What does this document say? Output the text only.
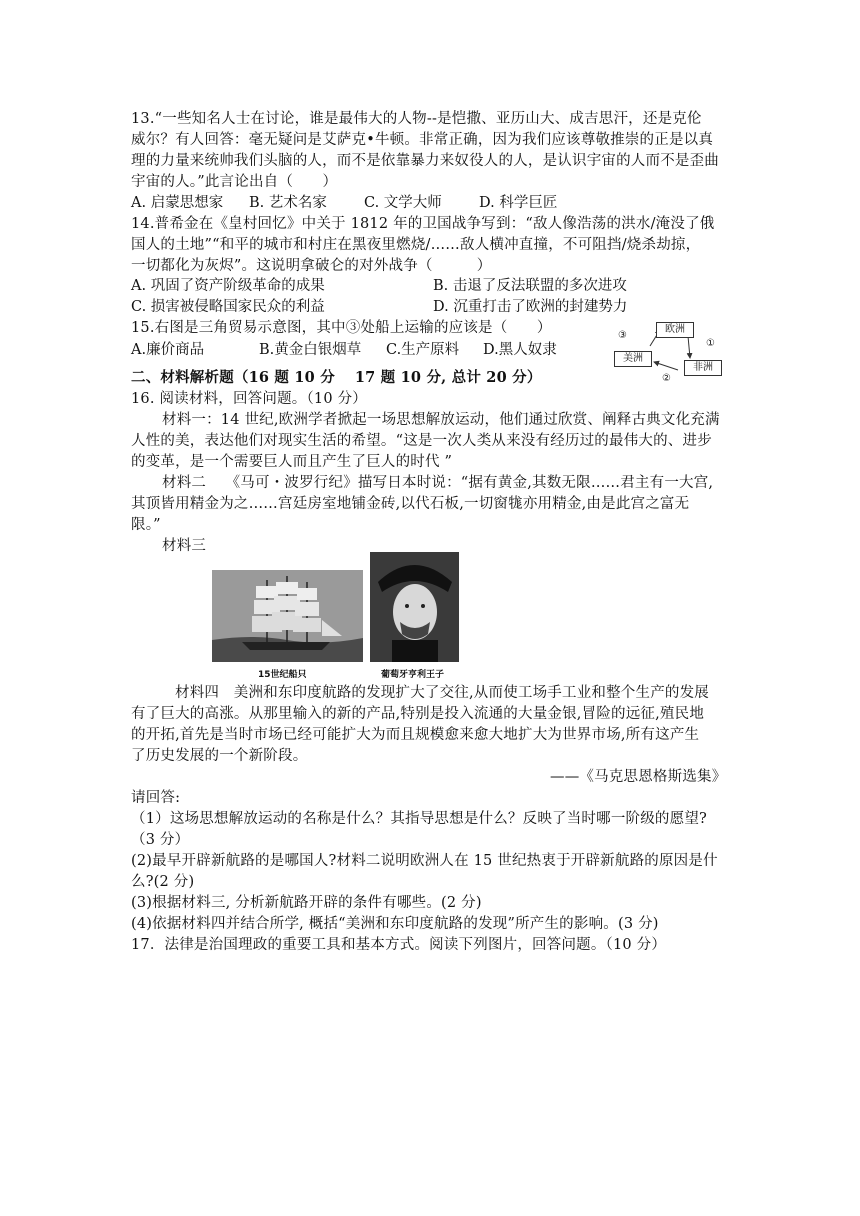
13.“一些知名人士在讨论，谁是最伟大的人物--是恺撒、亚历山大、成吉思汗，还是克伦
威尔？有人回答：毫无疑问是艾萨克•牛顿。非常正确，因为我们应该尊敬推崇的正是以真
理的力量来统帅我们头脑的人，而不是依靠暴力来奴役人的人，是认识宇宙的人而不是歪曲
宇宙的人。”此言论出自（　　）
A. 启蒙思想家 B. 艺术名家	C. 文学大师	D. 科学巨匠
14.普希金在《皇村回忆》中关于 1812 年的卫国战争写到：“敌人像浩荡的洪水/淹没了俄
国人的土地”“和平的城市和村庄在黑夜里燃烧/……敌人横冲直撞，不可阻挡/烧杀劫掠，
一切都化为灰烬”。这说明拿破仑的对外战争（　　　）
A. 巩固了资产阶级革命的成果	B. 击退了反法联盟的多次进攻
C. 损害被侵略国家民众的利益	D. 沉重打击了欧洲的封建势力
15.右图是三角贸易示意图，其中③处船上运输的应该是（　　）
A.廉价商品	B.黄金白银烟草 C.生产原料 D.黑人奴隶
欧洲
美洲
非洲
③
①
②
二、材料解析题（16 题 10 分　 17 题 10 分, 总计 20 分）
16. 阅读材料，回答问题。（10 分）
材料一：14 世纪,欧洲学者掀起一场思想解放运动，他们通过欣赏、阐释古典文化充满
人性的美，表达他们对现实生活的希望。“这是一次人类从来没有经历过的最伟大的、进步
的变革，是一个需要巨人而且产生了巨人的时代 ”
材料二　 《马可・波罗行纪》描写日本时说：“据有黄金,其数无限……君主有一大宫,
其顶皆用精金为之……宫廷房室地铺金砖,以代石板,一切窗牻亦用精金,由是此宫之富无
限。”
材料三
15世纪船只	葡萄牙亨利王子
材料四　美洲和东印度航路的发现扩大了交往,从而使工场手工业和整个生产的发展
有了巨大的高涨。从那里输入的新的产品,特别是投入流通的大量金银,冒险的远征,殖民地
的开拓,首先是当时市场已经可能扩大为而且规模愈来愈大地扩大为世界市场,所有这产生
了历史发展的一个新阶段。
——《马克思恩格斯选集》
请回答:
（1）这场思想解放运动的名称是什么？其指导思想是什么？反映了当时哪一阶级的愿望?
（3 分）
(2)最早开辟新航路的是哪国人?材料二说明欧洲人在 15 世纪热衷于开辟新航路的原因是什
么?(2 分)
(3)根据材料三, 分析新航路开辟的条件有哪些。(2 分)
(4)依据材料四并结合所学, 概括“美洲和东印度航路的发现”所产生的影响。(3 分)
17．法律是治国理政的重要工具和基本方式。阅读下列图片，回答问题。（10 分）
